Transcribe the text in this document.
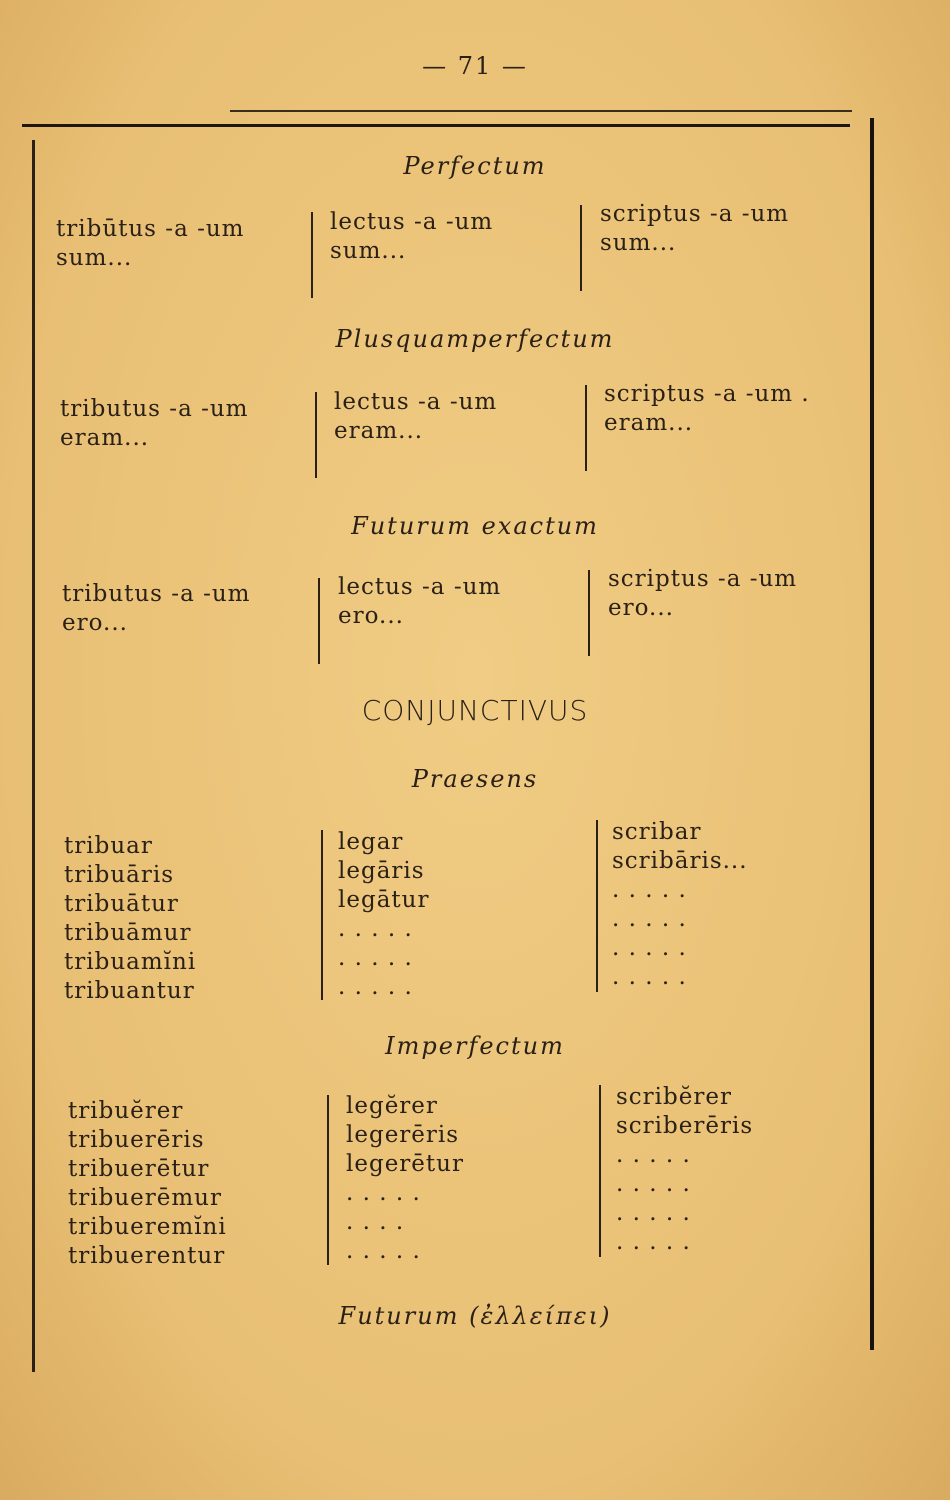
— 71 —
Perfectum
tribūtus -a -um
sum...
lectus -a -um
sum...
scriptus -a -um
sum...
Plusquamperfectum
tributus -a -um
eram...
lectus -a -um
eram...
scriptus -a -um .
eram...
Futurum exactum
tributus -a -um
ero...
lectus -a -um
ero...
scriptus -a -um
ero...
CONJUNCTIVUS
Praesens
tribuar
tribuāris
tribuātur
tribuāmur
tribuamĭni
tribuantur
legar
legāris
legātur
. . . . .
. . . . .
. . . . .
scribar
scribāris...
. . . . .
. . . . .
. . . . .
. . . . .
Imperfectum
tribuĕrer
tribuerēris
tribuerētur
tribuerēmur
tribueremĭni
tribuerentur
legĕrer
legerēris
legerētur
. . . . .
. . . .
. . . . .
scribĕrer
scriberēris
. . . . .
. . . . .
. . . . .
. . . . .
Futurum (ἐλλείπει)
